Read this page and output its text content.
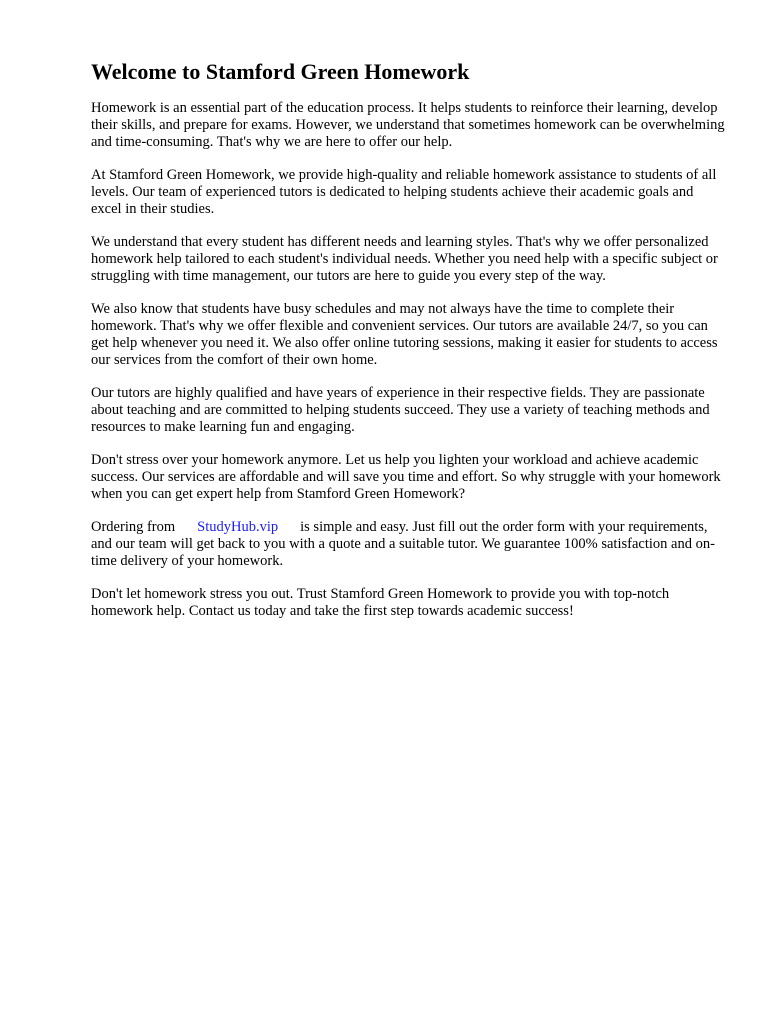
Welcome to Stamford Green Homework

Homework is an essential part of the education process. It helps students to reinforce their learning, develop their skills, and prepare for exams. However, we understand that sometimes homework can be overwhelming and time-consuming. That's why we are here to offer our help.

At Stamford Green Homework, we provide high-quality and reliable homework assistance to students of all levels. Our team of experienced tutors is dedicated to helping students achieve their academic goals and excel in their studies.

We understand that every student has different needs and learning styles. That's why we offer personalized homework help tailored to each student's individual needs. Whether you need help with a specific subject or struggling with time management, our tutors are here to guide you every step of the way.

We also know that students have busy schedules and may not always have the time to complete their homework. That's why we offer flexible and convenient services. Our tutors are available 24/7, so you can get help whenever you need it. We also offer online tutoring sessions, making it easier for students to access our services from the comfort of their own home.

Our tutors are highly qualified and have years of experience in their respective fields. They are passionate about teaching and are committed to helping students succeed. They use a variety of teaching methods and resources to make learning fun and engaging.

Don't stress over your homework anymore. Let us help you lighten your workload and achieve academic success. Our services are affordable and will save you time and effort. So why struggle with your homework when you can get expert help from Stamford Green Homework?

Ordering from StudyHub.vip is simple and easy. Just fill out the order form with your requirements, and our team will get back to you with a quote and a suitable tutor. We guarantee 100% satisfaction and on-time delivery of your homework.

Don't let homework stress you out. Trust Stamford Green Homework to provide you with top-notch homework help. Contact us today and take the first step towards academic success!
